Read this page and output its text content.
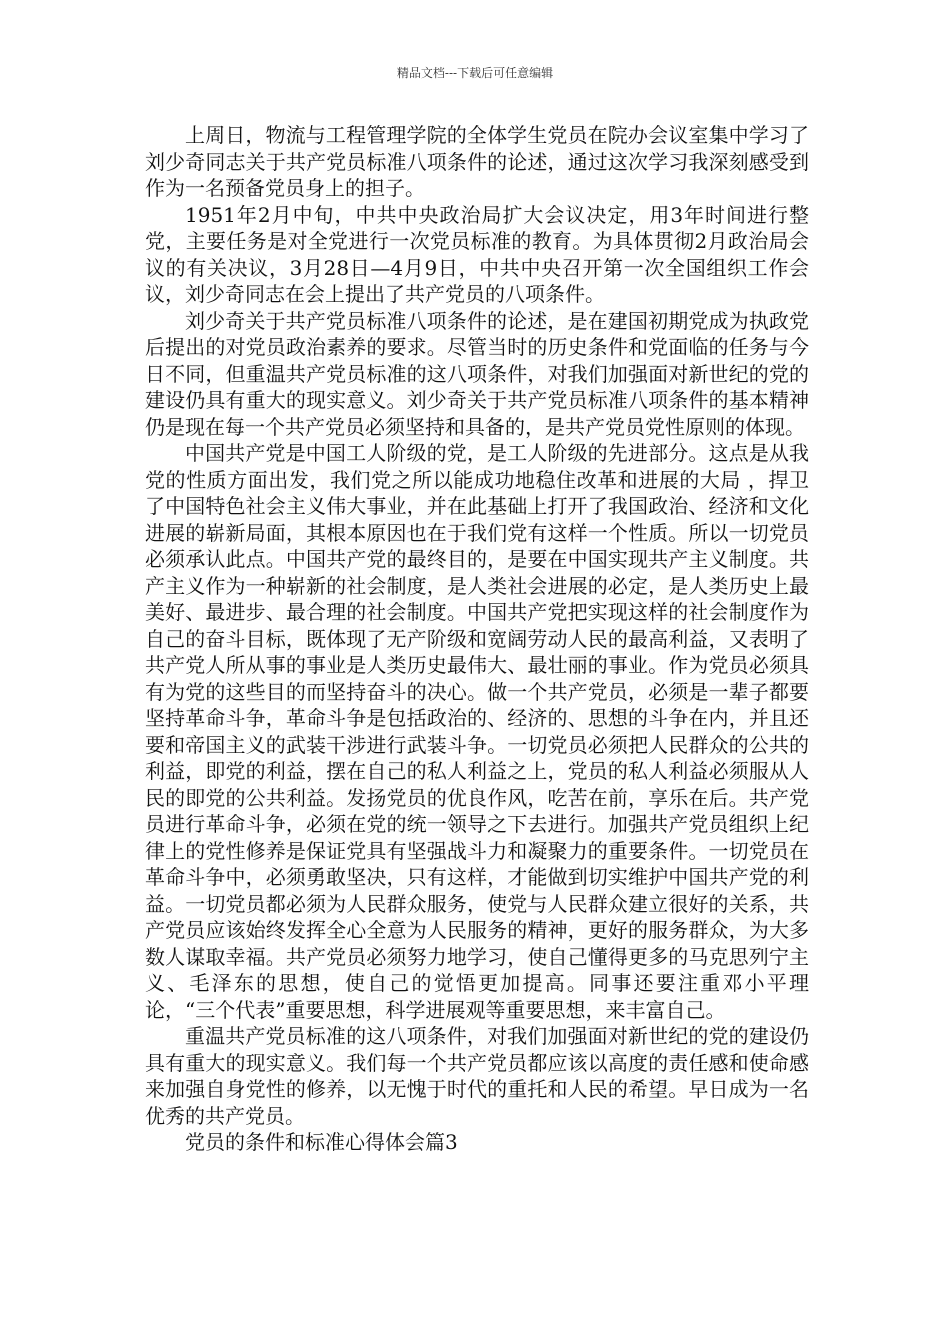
精品文档---下载后可任意编辑

上周日，物流与工程管理学院的全体学生党员在院办会议室集中学习了刘少奇同志关于共产党员标准八项条件的论述，通过这次学习我深刻感受到作为一名预备党员身上的担子。

1951年2月中旬，中共中央政治局扩大会议决定，用3年时间进行整党，主要任务是对全党进行一次党员标准的教育。为具体贯彻2月政治局会议的有关决议，3月28日—4月9日，中共中央召开第一次全国组织工作会议，刘少奇同志在会上提出了共产党员的八项条件。

刘少奇关于共产党员标准八项条件的论述，是在建国初期党成为执政党后提出的对党员政治素养的要求。尽管当时的历史条件和党面临的任务与今日不同，但重温共产党员标准的这八项条件，对我们加强面对新世纪的党的建设仍具有重大的现实意义。刘少奇关于共产党员标准八项条件的基本精神仍是现在每一个共产党员必须坚持和具备的，是共产党员党性原则的体现。

中国共产党是中国工人阶级的党，是工人阶级的先进部分。这点是从我党的性质方面出发，我们党之所以能成功地稳住改革和进展的大局 ，捍卫了中国特色社会主义伟大事业，并在此基础上打开了我国政治、经济和文化进展的崭新局面，其根本原因也在于我们党有这样一个性质。所以一切党员必须承认此点。中国共产党的最终目的，是要在中国实现共产主义制度。共产主义作为一种崭新的社会制度，是人类社会进展的必定，是人类历史上最美好、最进步、最合理的社会制度。中国共产党把实现这样的社会制度作为自己的奋斗目标，既体现了无产阶级和宽阔劳动人民的最高利益，又表明了共产党人所从事的事业是人类历史最伟大、最壮丽的事业。作为党员必须具有为党的这些目的而坚持奋斗的决心。做一个共产党员，必须是一辈子都要坚持革命斗争，革命斗争是包括政治的、经济的、思想的斗争在内，并且还要和帝国主义的武装干涉进行武装斗争。一切党员必须把人民群众的公共的利益，即党的利益，摆在自己的私人利益之上，党员的私人利益必须服从人民的即党的公共利益。发扬党员的优良作风，吃苦在前，享乐在后。共产党员进行革命斗争，必须在党的统一领导之下去进行。加强共产党员组织上纪律上的党性修养是保证党具有坚强战斗力和凝聚力的重要条件。一切党员在革命斗争中，必须勇敢坚决，只有这样，才能做到切实维护中国共产党的利益。一切党员都必须为人民群众服务，使党与人民群众建立很好的关系，共产党员应该始终发挥全心全意为人民服务的精神，更好的服务群众，为大多数人谋取幸福。共产党员必须努力地学习，使自己懂得更多的马克思列宁主义、毛泽东的思想，使自己的觉悟更加提高。同事还要注重邓小平理论，“三个代表”重要思想，科学进展观等重要思想，来丰富自己。

重温共产党员标准的这八项条件，对我们加强面对新世纪的党的建设仍具有重大的现实意义。我们每一个共产党员都应该以高度的责任感和使命感来加强自身党性的修养，以无愧于时代的重托和人民的希望。早日成为一名优秀的共产党员。

党员的条件和标准心得体会篇3
